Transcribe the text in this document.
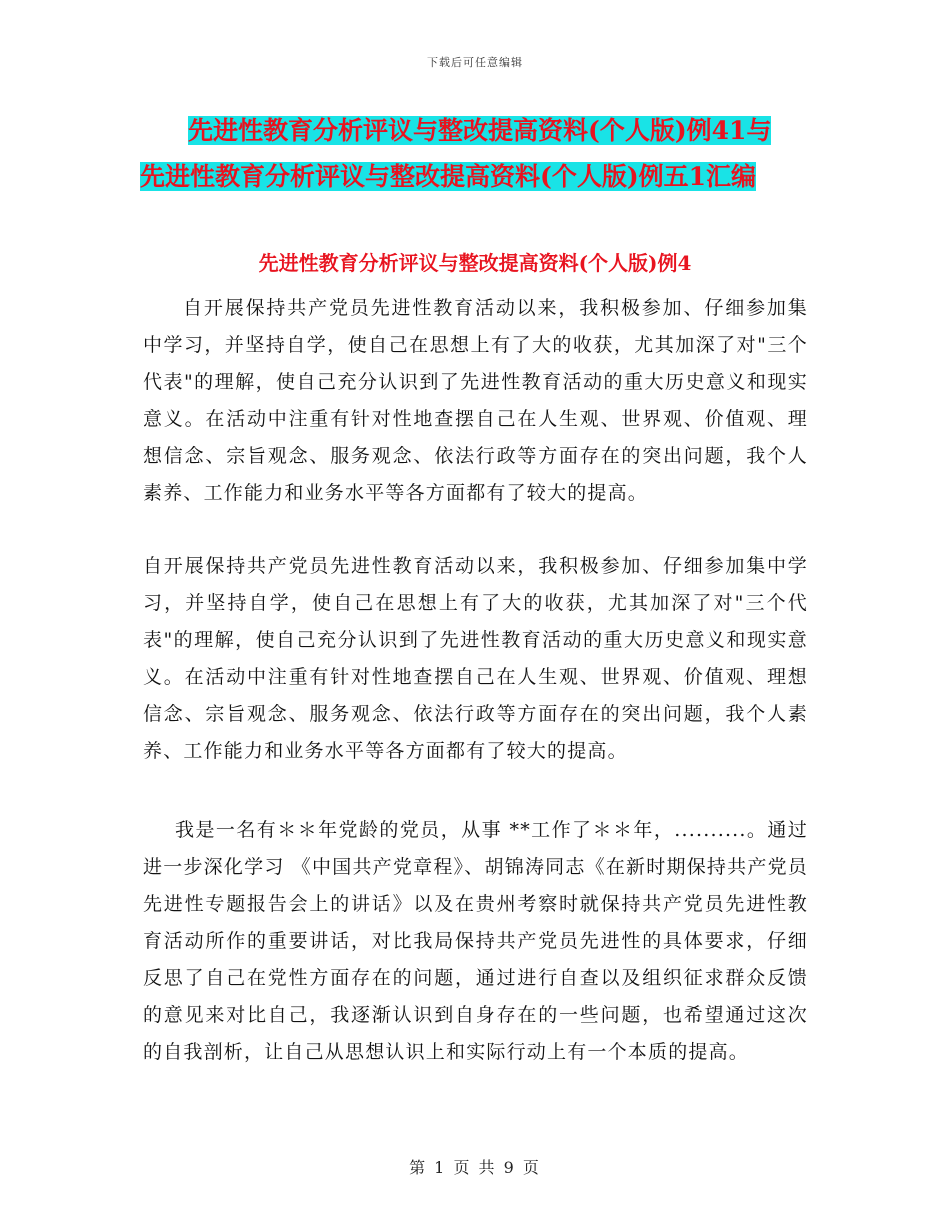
下载后可任意编辑
先进性教育分析评议与整改提高资料(个人版)例41与
先进性教育分析评议与整改提高资料(个人版)例五1汇编
先进性教育分析评议与整改提高资料(个人版)例4
自开展保持共产党员先进性教育活动以来，我积极参加、仔细参加集中学习，并坚持自学，使自己在思想上有了大的收获，尤其加深了对"三个代表"的理解，使自己充分认识到了先进性教育活动的重大历史意义和现实意义。在活动中注重有针对性地查摆自己在人生观、世界观、价值观、理想信念、宗旨观念、服务观念、依法行政等方面存在的突出问题，我个人素养、工作能力和业务水平等各方面都有了较大的提高。
自开展保持共产党员先进性教育活动以来，我积极参加、仔细参加集中学习，并坚持自学，使自己在思想上有了大的收获，尤其加深了对"三个代表"的理解，使自己充分认识到了先进性教育活动的重大历史意义和现实意义。在活动中注重有针对性地查摆自己在人生观、世界观、价值观、理想信念、宗旨观念、服务观念、依法行政等方面存在的突出问题，我个人素养、工作能力和业务水平等各方面都有了较大的提高。
我是一名有＊＊年党龄的党员，从事 **工作了＊＊年，..........。通过进一步深化学习 《中国共产党章程》、胡锦涛同志《在新时期保持共产党员先进性专题报告会上的讲话》以及在贵州考察时就保持共产党员先进性教育活动所作的重要讲话，对比我局保持共产党员先进性的具体要求，仔细反思了自己在党性方面存在的问题，通过进行自查以及组织征求群众反馈的意见来对比自己，我逐渐认识到自身存在的一些问题，也希望通过这次的自我剖析，让自己从思想认识上和实际行动上有一个本质的提高。
第 1 页 共 9 页
